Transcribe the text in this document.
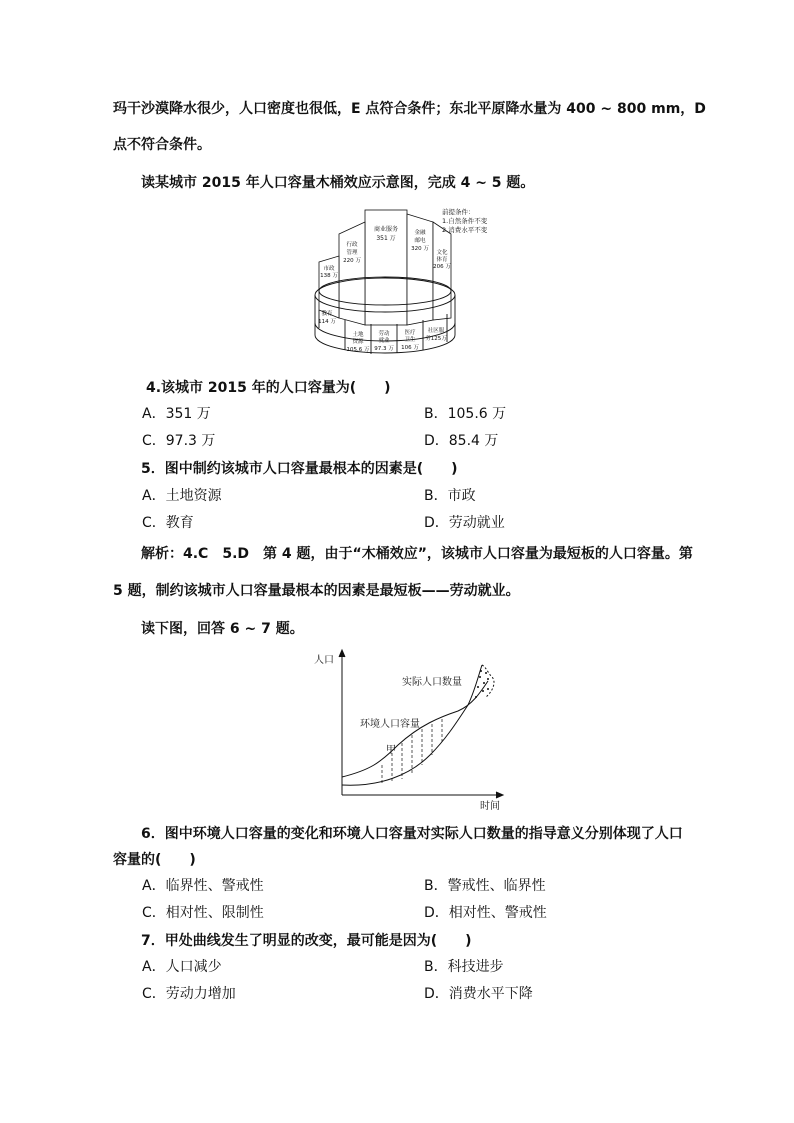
玛干沙漠降水很少，人口密度也很低，E 点符合条件；东北平原降水量为 400 ~ 800 mm，D
点不符合条件。
读某城市 2015 年人口容量木桶效应示意图，完成 4 ~ 5 题。
商业服务
351 万
金融
邮电
320 万
文化
体育
206 万
行政
管理
220 万
市政
138 万
教育
114 万
土地
资源
105.6 万
劳动
就业
97.3 万
医疗
卫生
106 万
社区服
务125万
前提条件：
1.自然条件不变
2.消费水平不变
4.该城市 2015 年的人口容量为(　　)
A．351 万	B．105.6 万
C．97.3 万	D．85.4 万
5．图中制约该城市人口容量最根本的因素是(　　)
A．土地资源	B．市政
C．教育	D．劳动就业
解析：4.C　5.D　第 4 题，由于“木桶效应”，该城市人口容量为最短板的人口容量。第
5 题，制约该城市人口容量最根本的因素是最短板——劳动就业。
读下图，回答 6 ~ 7 题。
人口
时间
实际人口数量
环境人口容量
甲
6．图中环境人口容量的变化和环境人口容量对实际人口数量的指导意义分别体现了人口
容量的(　　)
A．临界性、警戒性	B．警戒性、临界性
C．相对性、限制性	D．相对性、警戒性
7．甲处曲线发生了明显的改变，最可能是因为(　　)
A．人口减少	B．科技进步
C．劳动力增加	D．消费水平下降
